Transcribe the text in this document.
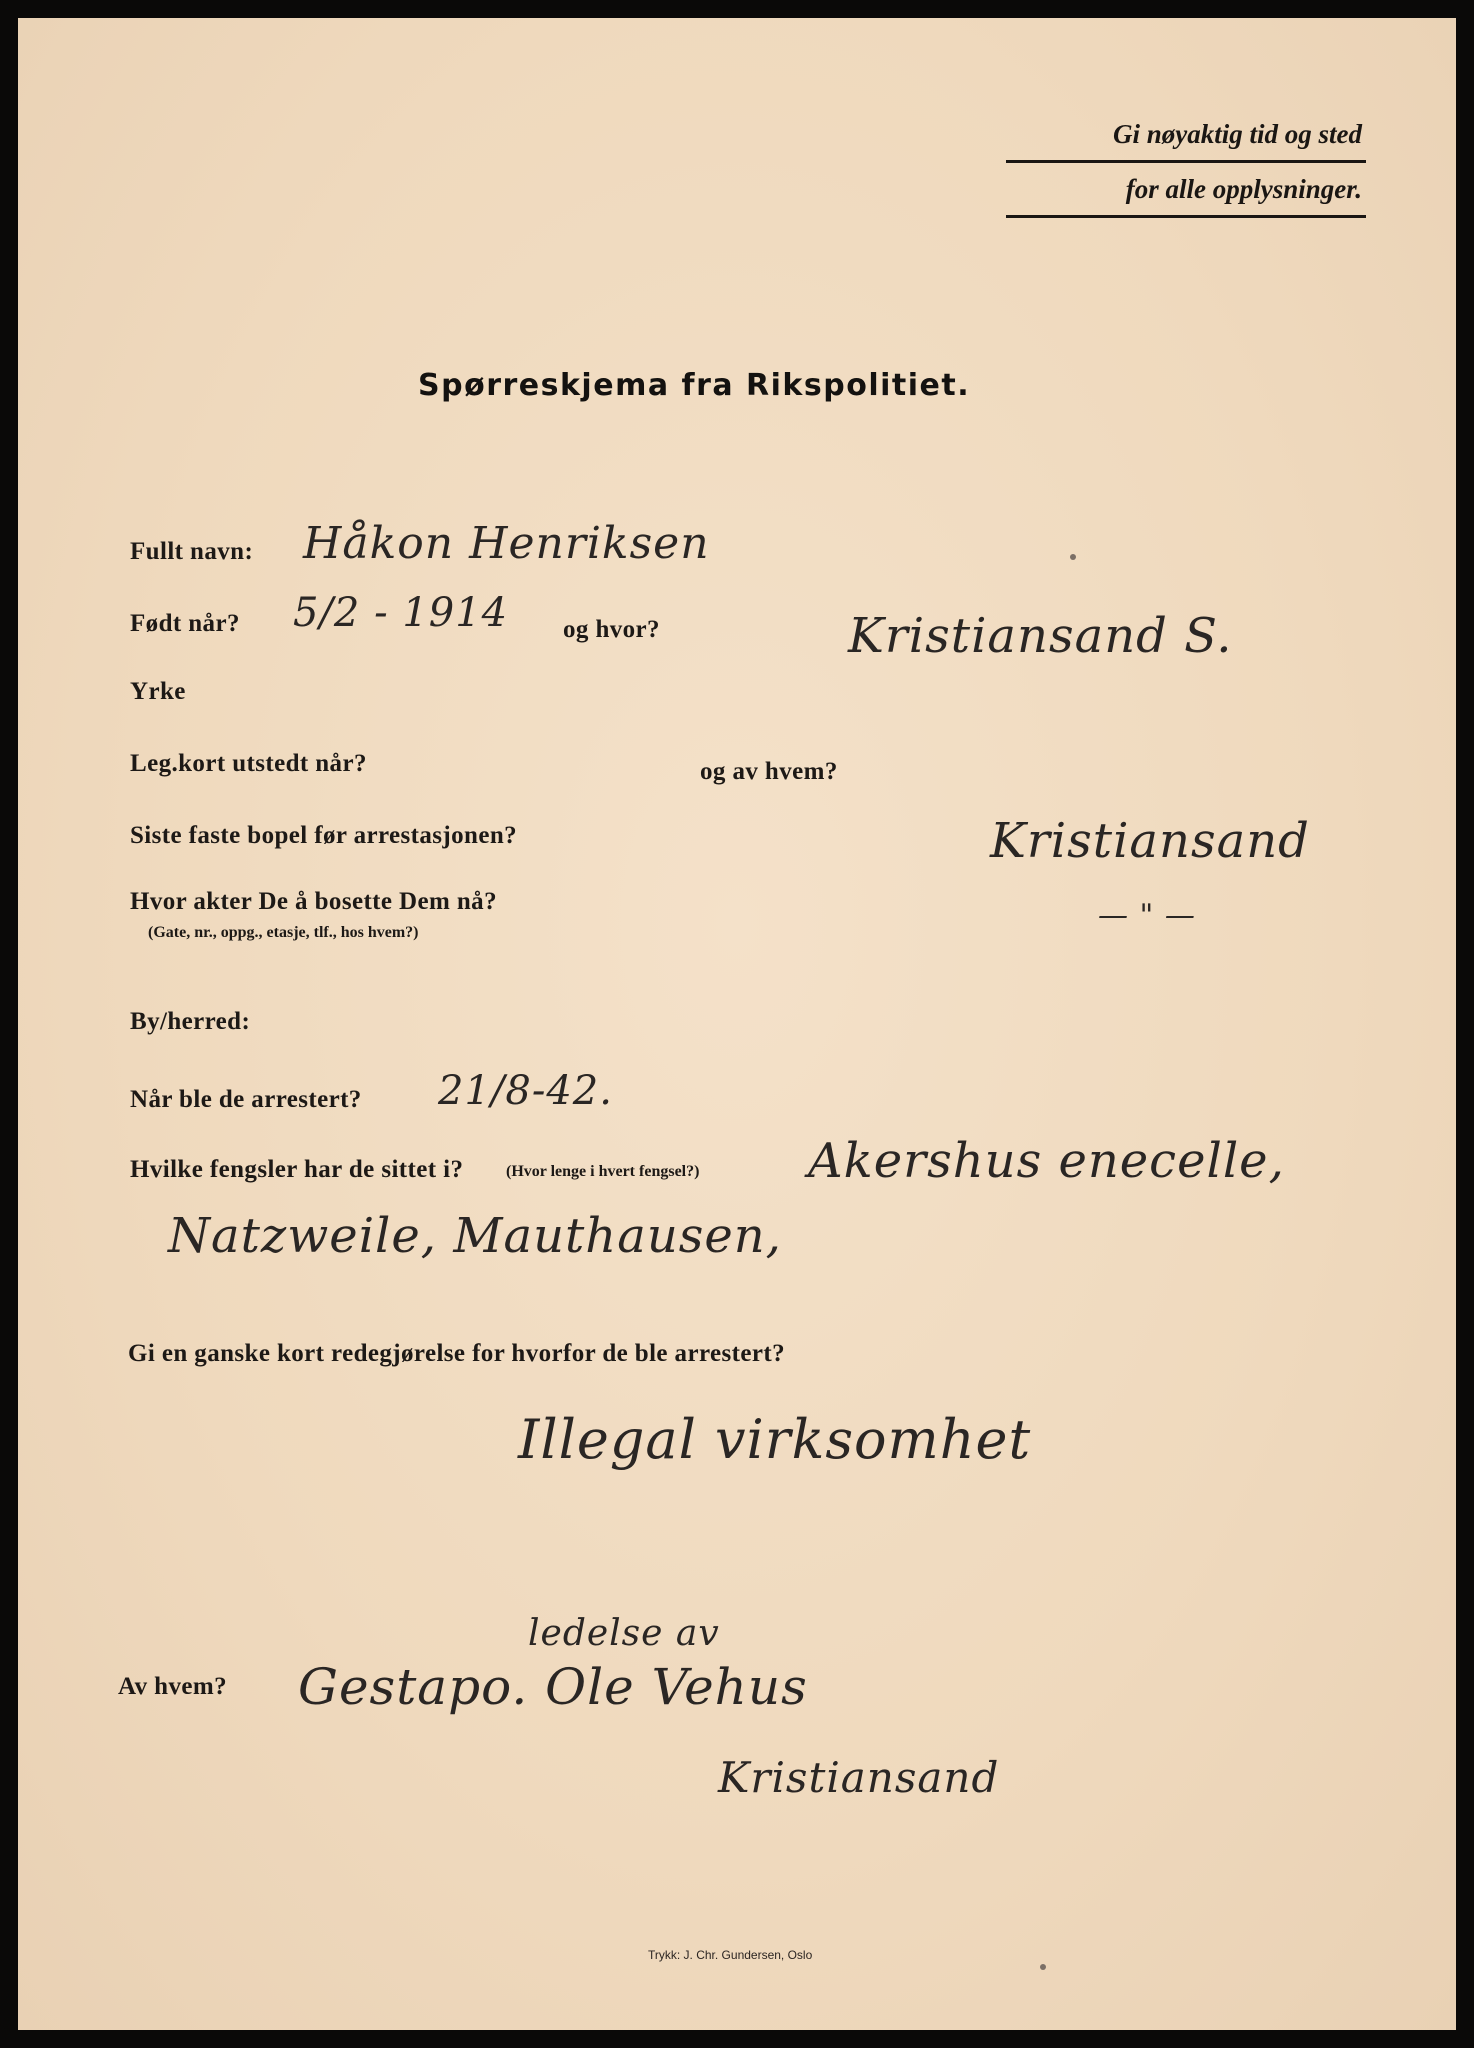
Gi nøyaktig tid og sted
for alle opplysninger.
Spørreskjema fra Rikspolitiet.
Fullt navn: Håkon Henriksen
Født når? 5/2 - 1914 og hvor?	Kristiansand S.
Yrke
Leg.kort utstedt når?	og av hvem?
Siste faste bopel før arrestasjonen?	Kristiansand
Hvor akter De å bosette Dem nå?
(Gate, nr., oppg., etasje, tlf., hos hvem?)	— " —
By/herred:
Når ble de arrestert? 21/8-42.
Hvilke fengsler har de sittet i?	(Hvor lenge i hvert fengsel?) Akershus enecelle,
Natzweile, Mauthausen,
Gi en ganske kort redegjørelse for hvorfor de ble arrestert?
Illegal virksomhet
Av hvem?
ledelse av
Gestapo. Ole Vehus
Kristiansand
Trykk: J. Chr. Gundersen, Oslo
